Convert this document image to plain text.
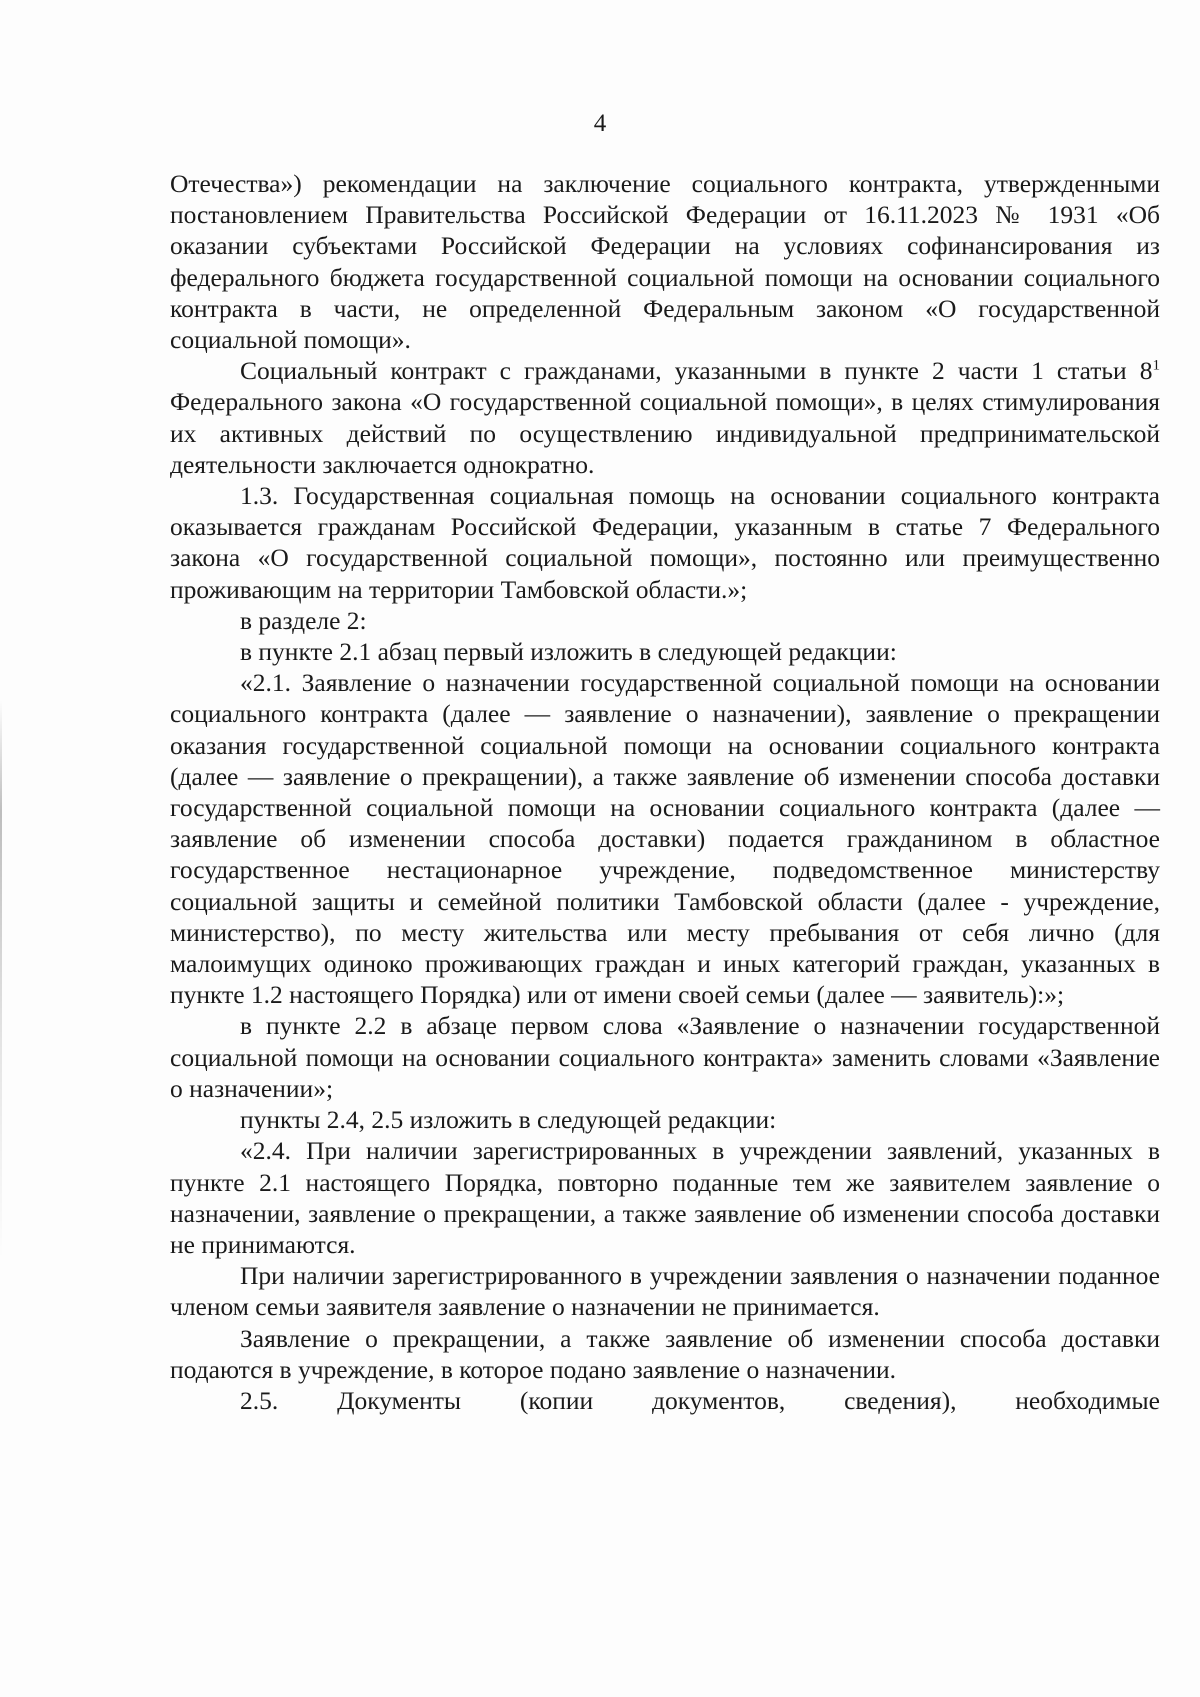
4

Отечества») рекомендации на заключение социального контракта, утвержденными постановлением Правительства Российской Федерации от 16.11.2023 № 1931 «Об оказании субъектами Российской Федерации на условиях софинансирования из федерального бюджета государственной социальной помощи на основании социального контракта в части, не определенной Федеральным законом «О государственной социальной помощи».

Социальный контракт с гражданами, указанными в пункте 2 части 1 статьи $8^1$ Федерального закона «О государственной социальной помощи», в целях стимулирования их активных действий по осуществлению индивидуальной предпринимательской деятельности заключается однократно.

1.3. Государственная социальная помощь на основании социального контракта оказывается гражданам Российской Федерации, указанным в статье 7 Федерального закона «О государственной социальной помощи», постоянно или преимущественно проживающим на территории Тамбовской области.»;

в разделе 2:

в пункте 2.1 абзац первый изложить в следующей редакции:

«2.1. Заявление о назначении государственной социальной помощи на основании социального контракта (далее — заявление о назначении), заявление о прекращении оказания государственной социальной помощи на основании социального контракта (далее — заявление о прекращении), а также заявление об изменении способа доставки государственной социальной помощи на основании социального контракта (далее — заявление об изменении способа доставки) подается гражданином в областное государственное нестационарное учреждение, подведомственное министерству социальной защиты и семейной политики Тамбовской области (далее - учреждение, министерство), по месту жительства или месту пребывания от себя лично (для малоимущих одиноко проживающих граждан и иных категорий граждан, указанных в пункте 1.2 настоящего Порядка) или от имени своей семьи (далее — заявитель):»;

в пункте 2.2 в абзаце первом слова «Заявление о назначении государственной социальной помощи на основании социального контракта» заменить словами «Заявление о назначении»;

пункты 2.4, 2.5 изложить в следующей редакции:

«2.4. При наличии зарегистрированных в учреждении заявлений, указанных в пункте 2.1 настоящего Порядка, повторно поданные тем же заявителем заявление о назначении, заявление о прекращении, а также заявление об изменении способа доставки не принимаются.

При наличии зарегистрированного в учреждении заявления о назначении поданное членом семьи заявителя заявление о назначении не принимается.

Заявление о прекращении, а также заявление об изменении способа доставки подаются в учреждение, в которое подано заявление о назначении.

2.5. Документы (копии документов, сведения), необходимые
